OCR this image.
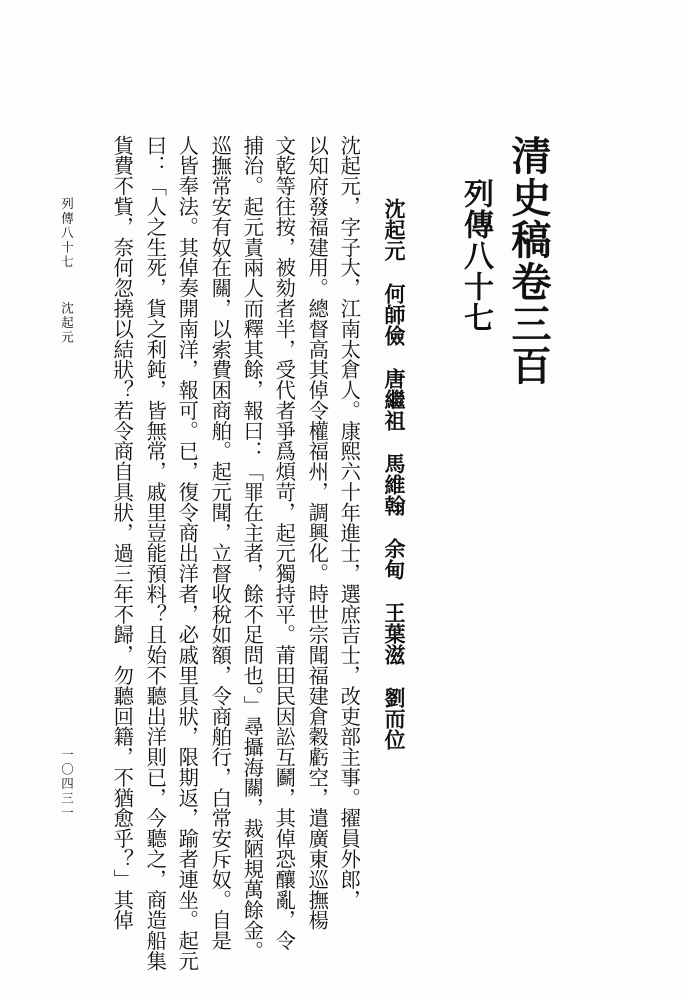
清史稿卷三百
列傳八十七
沈起元
何師儉
唐繼祖
馬維翰
余甸
王葉滋
劉而位
沈起元，字子大，江南太倉人。康熙六十年進士，選庶吉士，改吏部主事。擢員外郎，
以知府發福建用。總督高其倬令權福州，調興化。時世宗聞福建倉穀虧空，遣廣東巡撫楊
文乾等往按，被劾者半，受代者爭爲煩苛，起元獨持平。莆田民因訟互鬬，其倬恐釀亂，令
捕治。起元責兩人而釋其餘，報曰：「罪在主者，餘不足問也。」尋攝海關，裁陋規萬餘金。
巡撫常安有奴在關，以索費困商舶。起元聞，立督收稅如額，令商舶行，白常安斥奴。自是
人皆奉法。其倬奏開南洋，報可。已，復令商出洋者，必戚里具狀，限期返，踰者連坐。起元
曰：「人之生死，貨之利鈍，皆無常，戚里豈能預料？且始不聽出洋則已，今聽之，商造船集
貨費不貲，奈何忽撓以結狀？若令商自具狀，過三年不歸，勿聽回籍，不猶愈乎？」其倬
列傳八十七沈起元
一〇四三一
